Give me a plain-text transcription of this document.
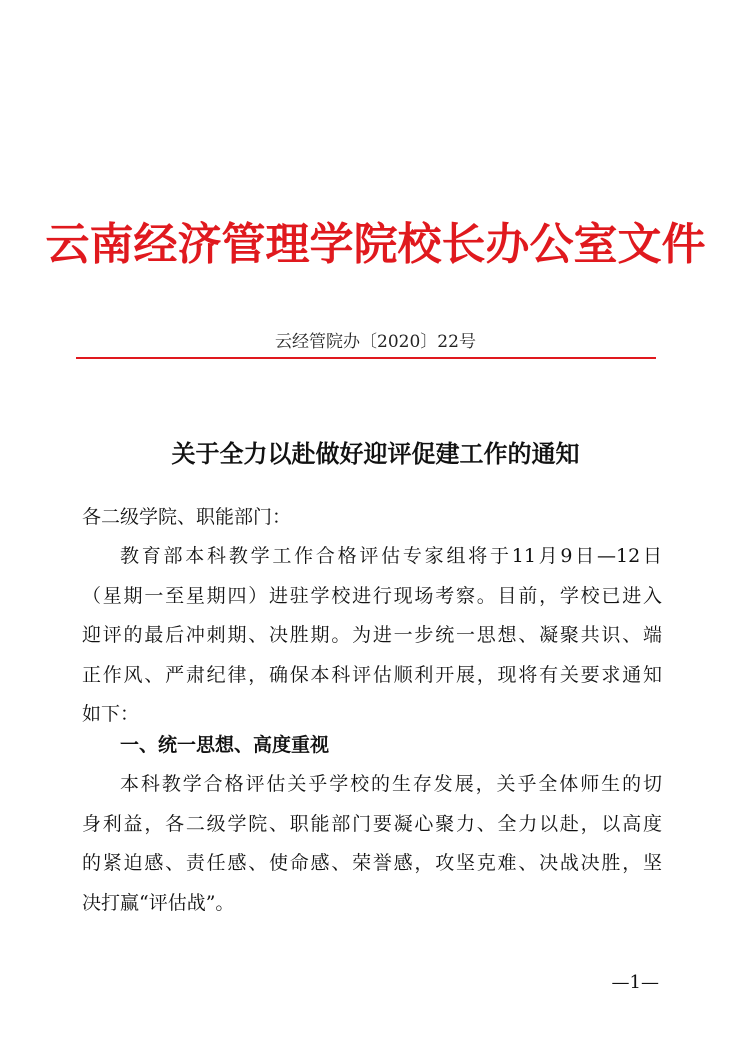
云南经济管理学院校长办公室文件
云经管院办〔2020〕22号
关于全力以赴做好迎评促建工作的通知
各二级学院、职能部门：
教育部本科教学工作合格评估专家组将于11月9日—12日
（星期一至星期四）进驻学校进行现场考察。目前，学校已进入
迎评的最后冲刺期、决胜期。为进一步统一思想、凝聚共识、端
正作风、严肃纪律，确保本科评估顺利开展，现将有关要求通知
如下：
一、统一思想、高度重视
本科教学合格评估关乎学校的生存发展，关乎全体师生的切
身利益，各二级学院、职能部门要凝心聚力、全力以赴，以高度
的紧迫感、责任感、使命感、荣誉感，攻坚克难、决战决胜，坚
决打赢“评估战”。
—1—
